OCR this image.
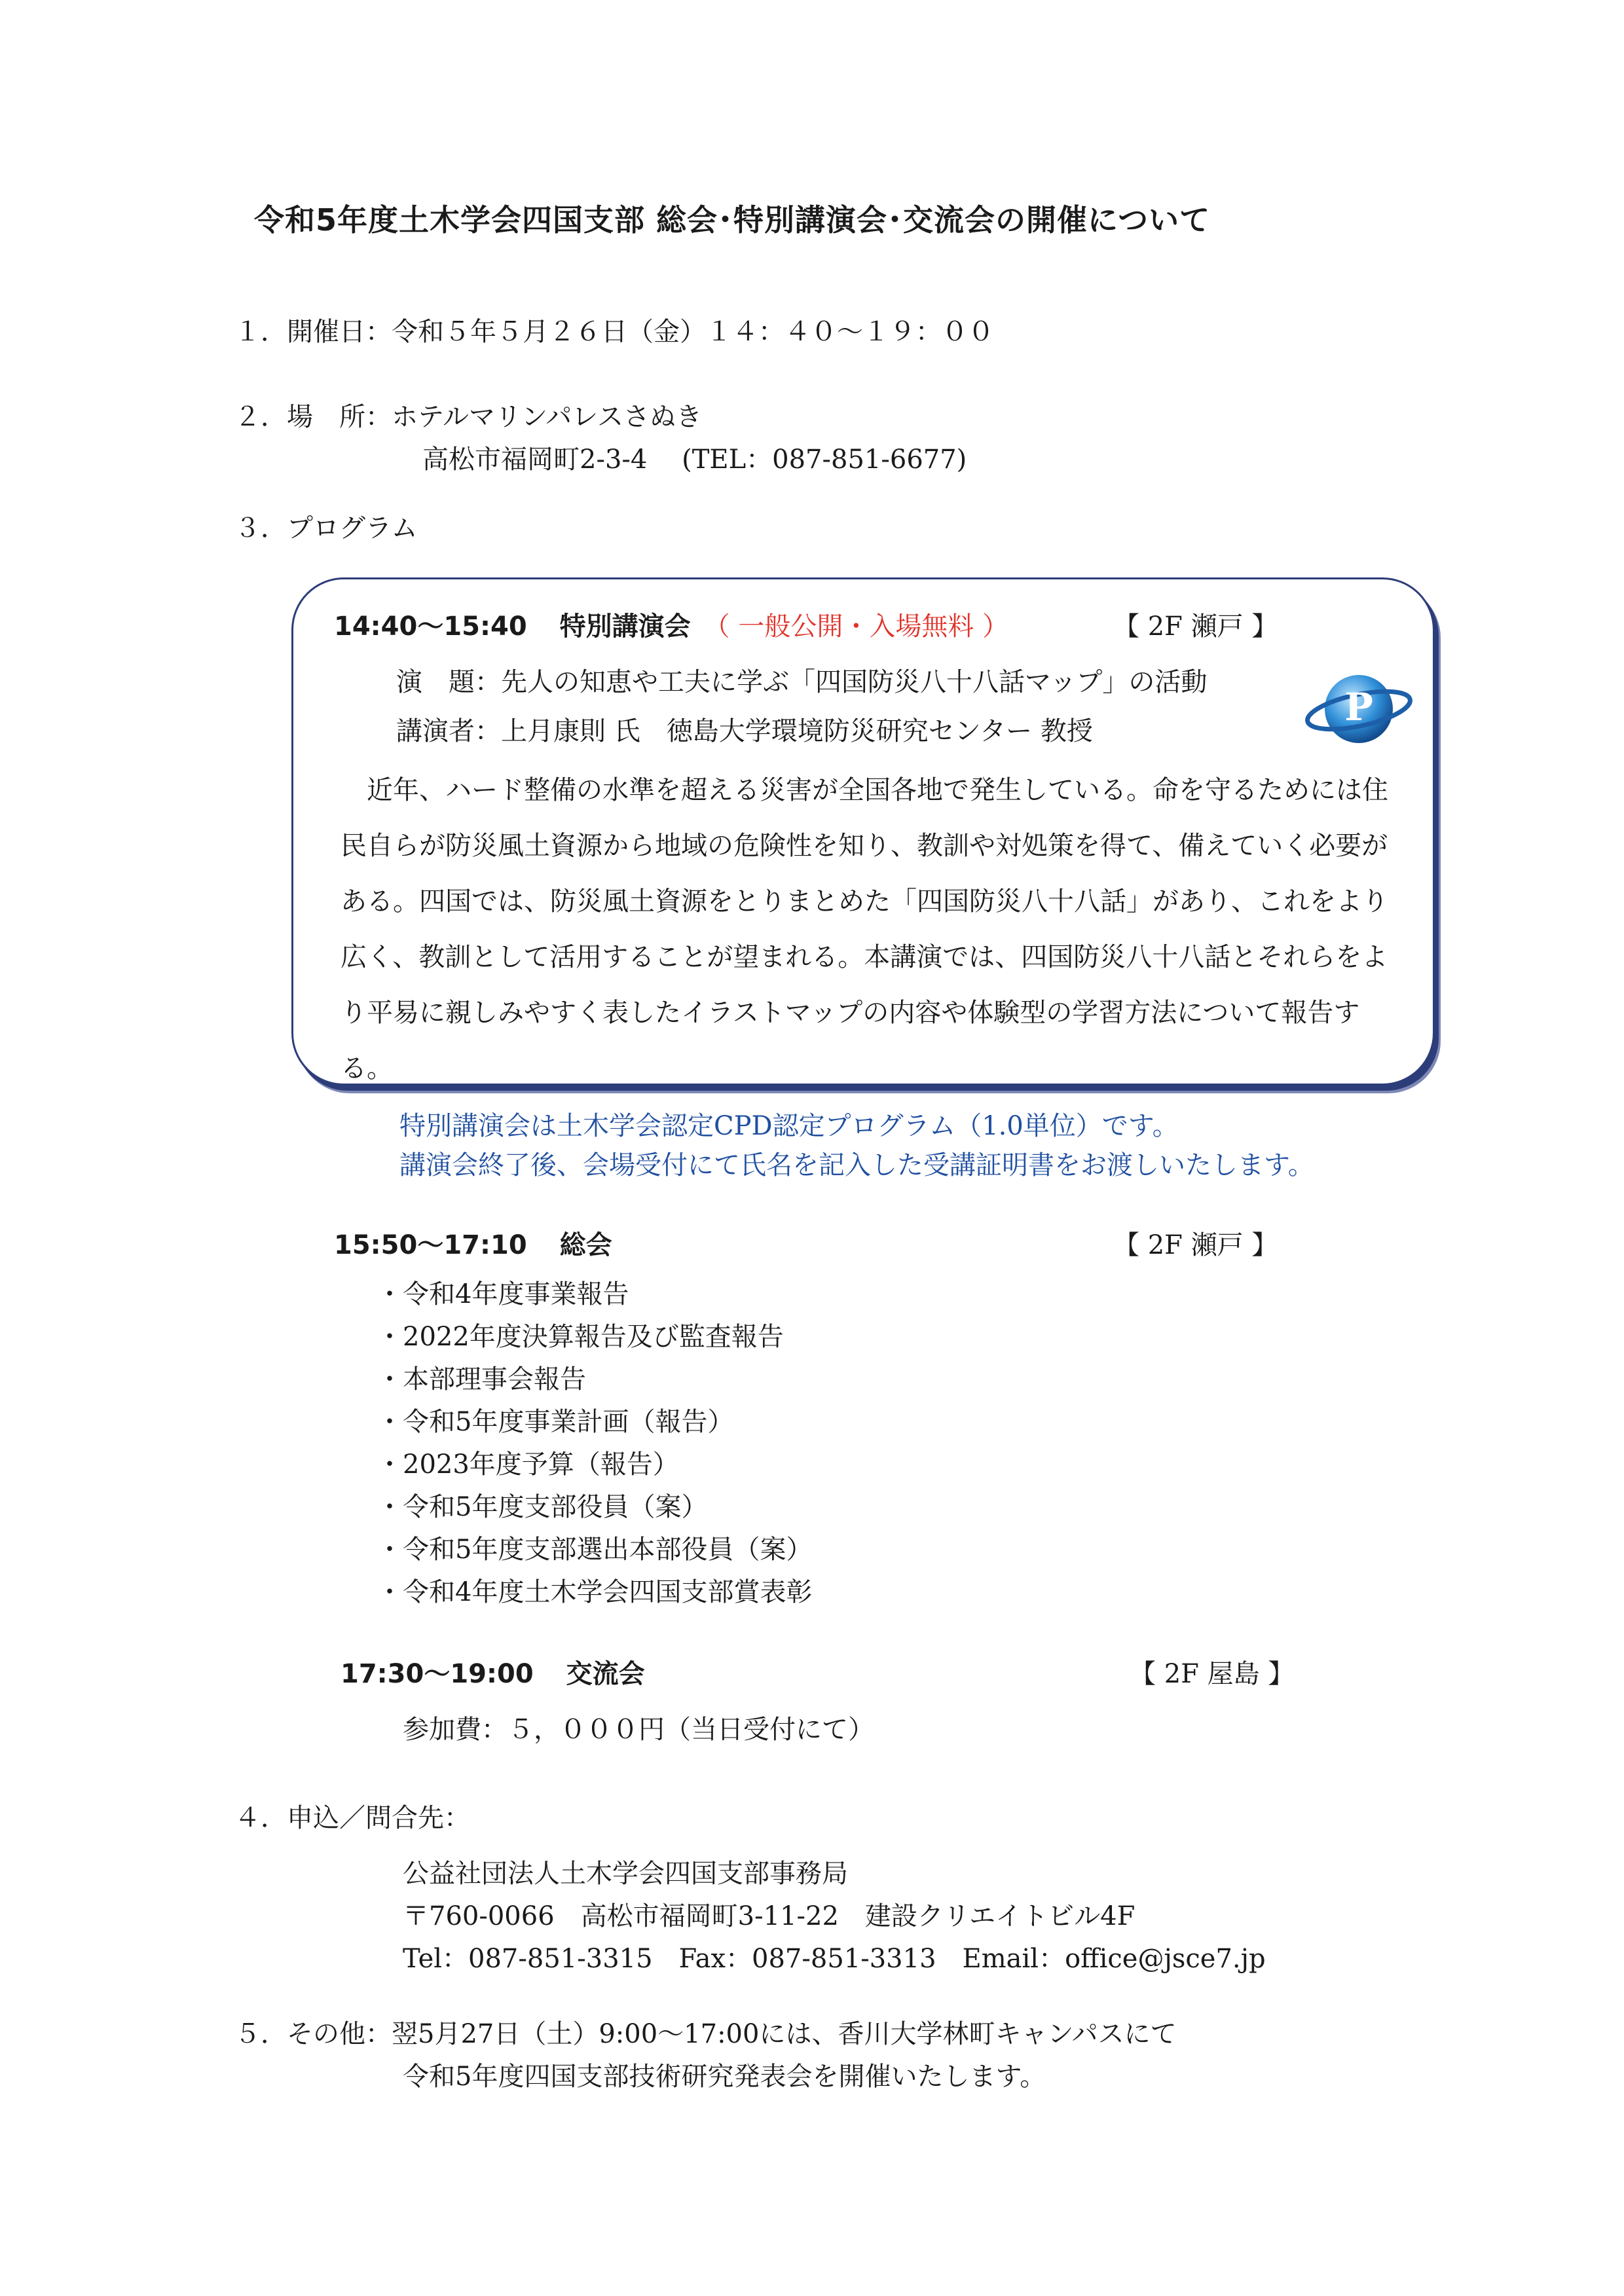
令和5年度土木学会四国支部 総会･特別講演会･交流会の開催について
１．開催日：令和５年５月２６日（金）１４：４０～１９：００
２．場　所：ホテルマリンパレスさぬき
高松市福岡町2-3-4　 (TEL：087-851-6677)
３．プログラム
14:40～15:40 特別講演会 （ 一般公開・入場無料 ）	【 2F 瀬戸 】
演　題：先人の知恵や工夫に学ぶ「四国防災八十八話マップ」の活動
講演者：上月康則 氏　徳島大学環境防災研究センター 教授
P
近年、ハード整備の水準を超える災害が全国各地で発生している。命を守るためには住民自らが防災風土資源から地域の危険性を知り、教訓や対処策を得て、備えていく必要がある。四国では、防災風土資源をとりまとめた「四国防災八十八話」があり、これをより広く、教訓として活用することが望まれる。本講演では、四国防災八十八話とそれらをより平易に親しみやすく表したイラストマップの内容や体験型の学習方法について報告する。
特別講演会は土木学会認定CPD認定プログラム（1.0単位）です。
講演会終了後、会場受付にて氏名を記入した受講証明書をお渡しいたします。
15:50～17:10 総会	【 2F 瀬戸 】
・令和4年度事業報告
・2022年度決算報告及び監査報告
・本部理事会報告
・令和5年度事業計画（報告）
・2023年度予算（報告）
・令和5年度支部役員（案）
・令和5年度支部選出本部役員（案）
・令和4年度土木学会四国支部賞表彰
17:30～19:00 交流会	【 2F 屋島 】
参加費：５，０００円（当日受付にて）
４．申込／問合先：
公益社団法人土木学会四国支部事務局
〒760-0066　高松市福岡町3-11-22　建設クリエイトビル4F
Tel：087-851-3315　Fax：087-851-3313　Email：office@jsce7.jp
５．その他：翌5月27日（土）9:00～17:00には、香川大学林町キャンパスにて
令和5年度四国支部技術研究発表会を開催いたします。
